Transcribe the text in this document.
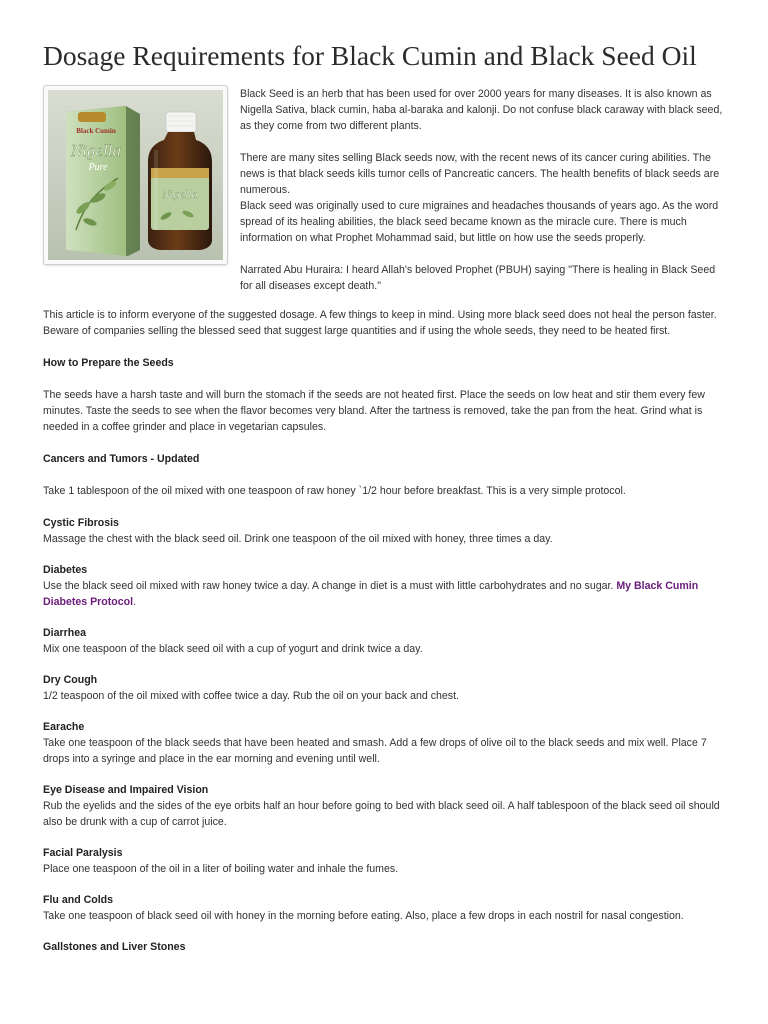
Dosage Requirements for Black Cumin and Black Seed Oil
Black Cumin
Nigella
Pure
Nigella

Black Seed is an herb that has been used for over 2000 years for many diseases. It is also known as Nigella Sativa, black cumin, haba al-baraka and kalonji. Do not confuse black caraway with black seed, as they come from two different plants.

There are many sites selling Black seeds now, with the recent news of its cancer curing abilities. The news is that black seeds kills tumor cells of Pancreatic cancers. The health benefits of black seeds are numerous.

Black seed was originally used to cure migraines and headaches thousands of years ago. As the word spread of its healing abilities, the black seed became known as the miracle cure. There is much information on what Prophet Mohammad said, but little on how use the seeds properly.

Narrated Abu Huraira: I heard Allah's beloved Prophet (PBUH) saying "There is healing in Black Seed for all diseases except death."

This article is to inform everyone of the suggested dosage. A few things to keep in mind. Using more black seed does not heal the person faster. Beware of companies selling the blessed seed that suggest large quantities and if using the whole seeds, they need to be heated first.

How to Prepare the Seeds

The seeds have a harsh taste and will burn the stomach if the seeds are not heated first. Place the seeds on low heat and stir them every few minutes. Taste the seeds to see when the flavor becomes very bland. After the tartness is removed, take the pan from the heat. Grind what is needed in a coffee grinder and place in vegetarian capsules.

Cancers and Tumors - Updated

Take 1 tablespoon of the oil mixed with one teaspoon of raw honey `1/2 hour before breakfast. This is a very simple protocol.

Cystic Fibrosis

Massage the chest with the black seed oil. Drink one teaspoon of the oil mixed with honey, three times a day.

Diabetes

Use the black seed oil mixed with raw honey twice a day. A change in diet is a must with little carbohydrates and no sugar. My Black Cumin Diabetes Protocol.

Diarrhea

Mix one teaspoon of the black seed oil with a cup of yogurt and drink twice a day.

Dry Cough

1/2 teaspoon of the oil mixed with coffee twice a day. Rub the oil on your back and chest.

Earache

Take one teaspoon of the black seeds that have been heated and smash. Add a few drops of olive oil to the black seeds and mix well. Place 7 drops into a syringe and place in the ear morning and evening until well.

Eye Disease and Impaired Vision

Rub the eyelids and the sides of the eye orbits half an hour before going to bed with black seed oil. A half tablespoon of the black seed oil should also be drunk with a cup of carrot juice.

Facial Paralysis

Place one teaspoon of the oil in a liter of boiling water and inhale the fumes.

Flu and Colds

Take one teaspoon of black seed oil with honey in the morning before eating. Also, place a few drops in each nostril for nasal congestion.

Gallstones and Liver Stones
